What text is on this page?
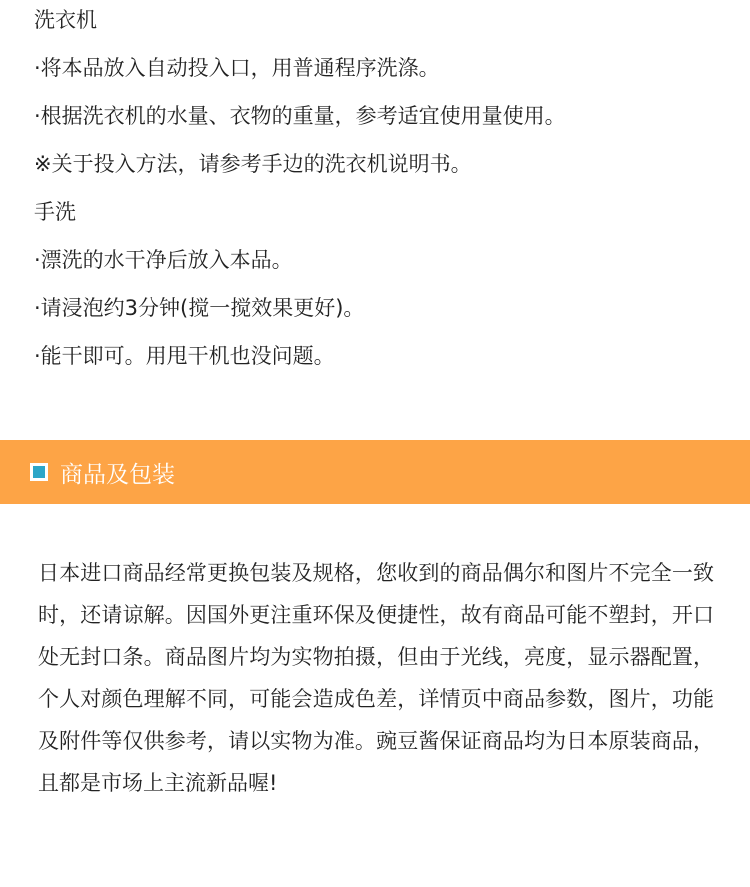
洗衣机
·将本品放入自动投入口，用普通程序洗涤。
·根据洗衣机的水量、衣物的重量，参考适宜使用量使用。
※关于投入方法，请参考手边的洗衣机说明书。
手洗
·漂洗的水干净后放入本品。
·请浸泡约3分钟(搅一搅效果更好)。
·能干即可。用甩干机也没问题。
商品及包装
日本进口商品经常更换包装及规格，您收到的商品偶尔和图片不完全一致时，还请谅解。因国外更注重环保及便捷性，故有商品可能不塑封，开口处无封口条。商品图片均为实物拍摄，但由于光线，亮度，显示器配置，个人对颜色理解不同，可能会造成色差，详情页中商品参数，图片，功能及附件等仅供参考，请以实物为准。豌豆酱保证商品均为日本原装商品，且都是市场上主流新品喔!
